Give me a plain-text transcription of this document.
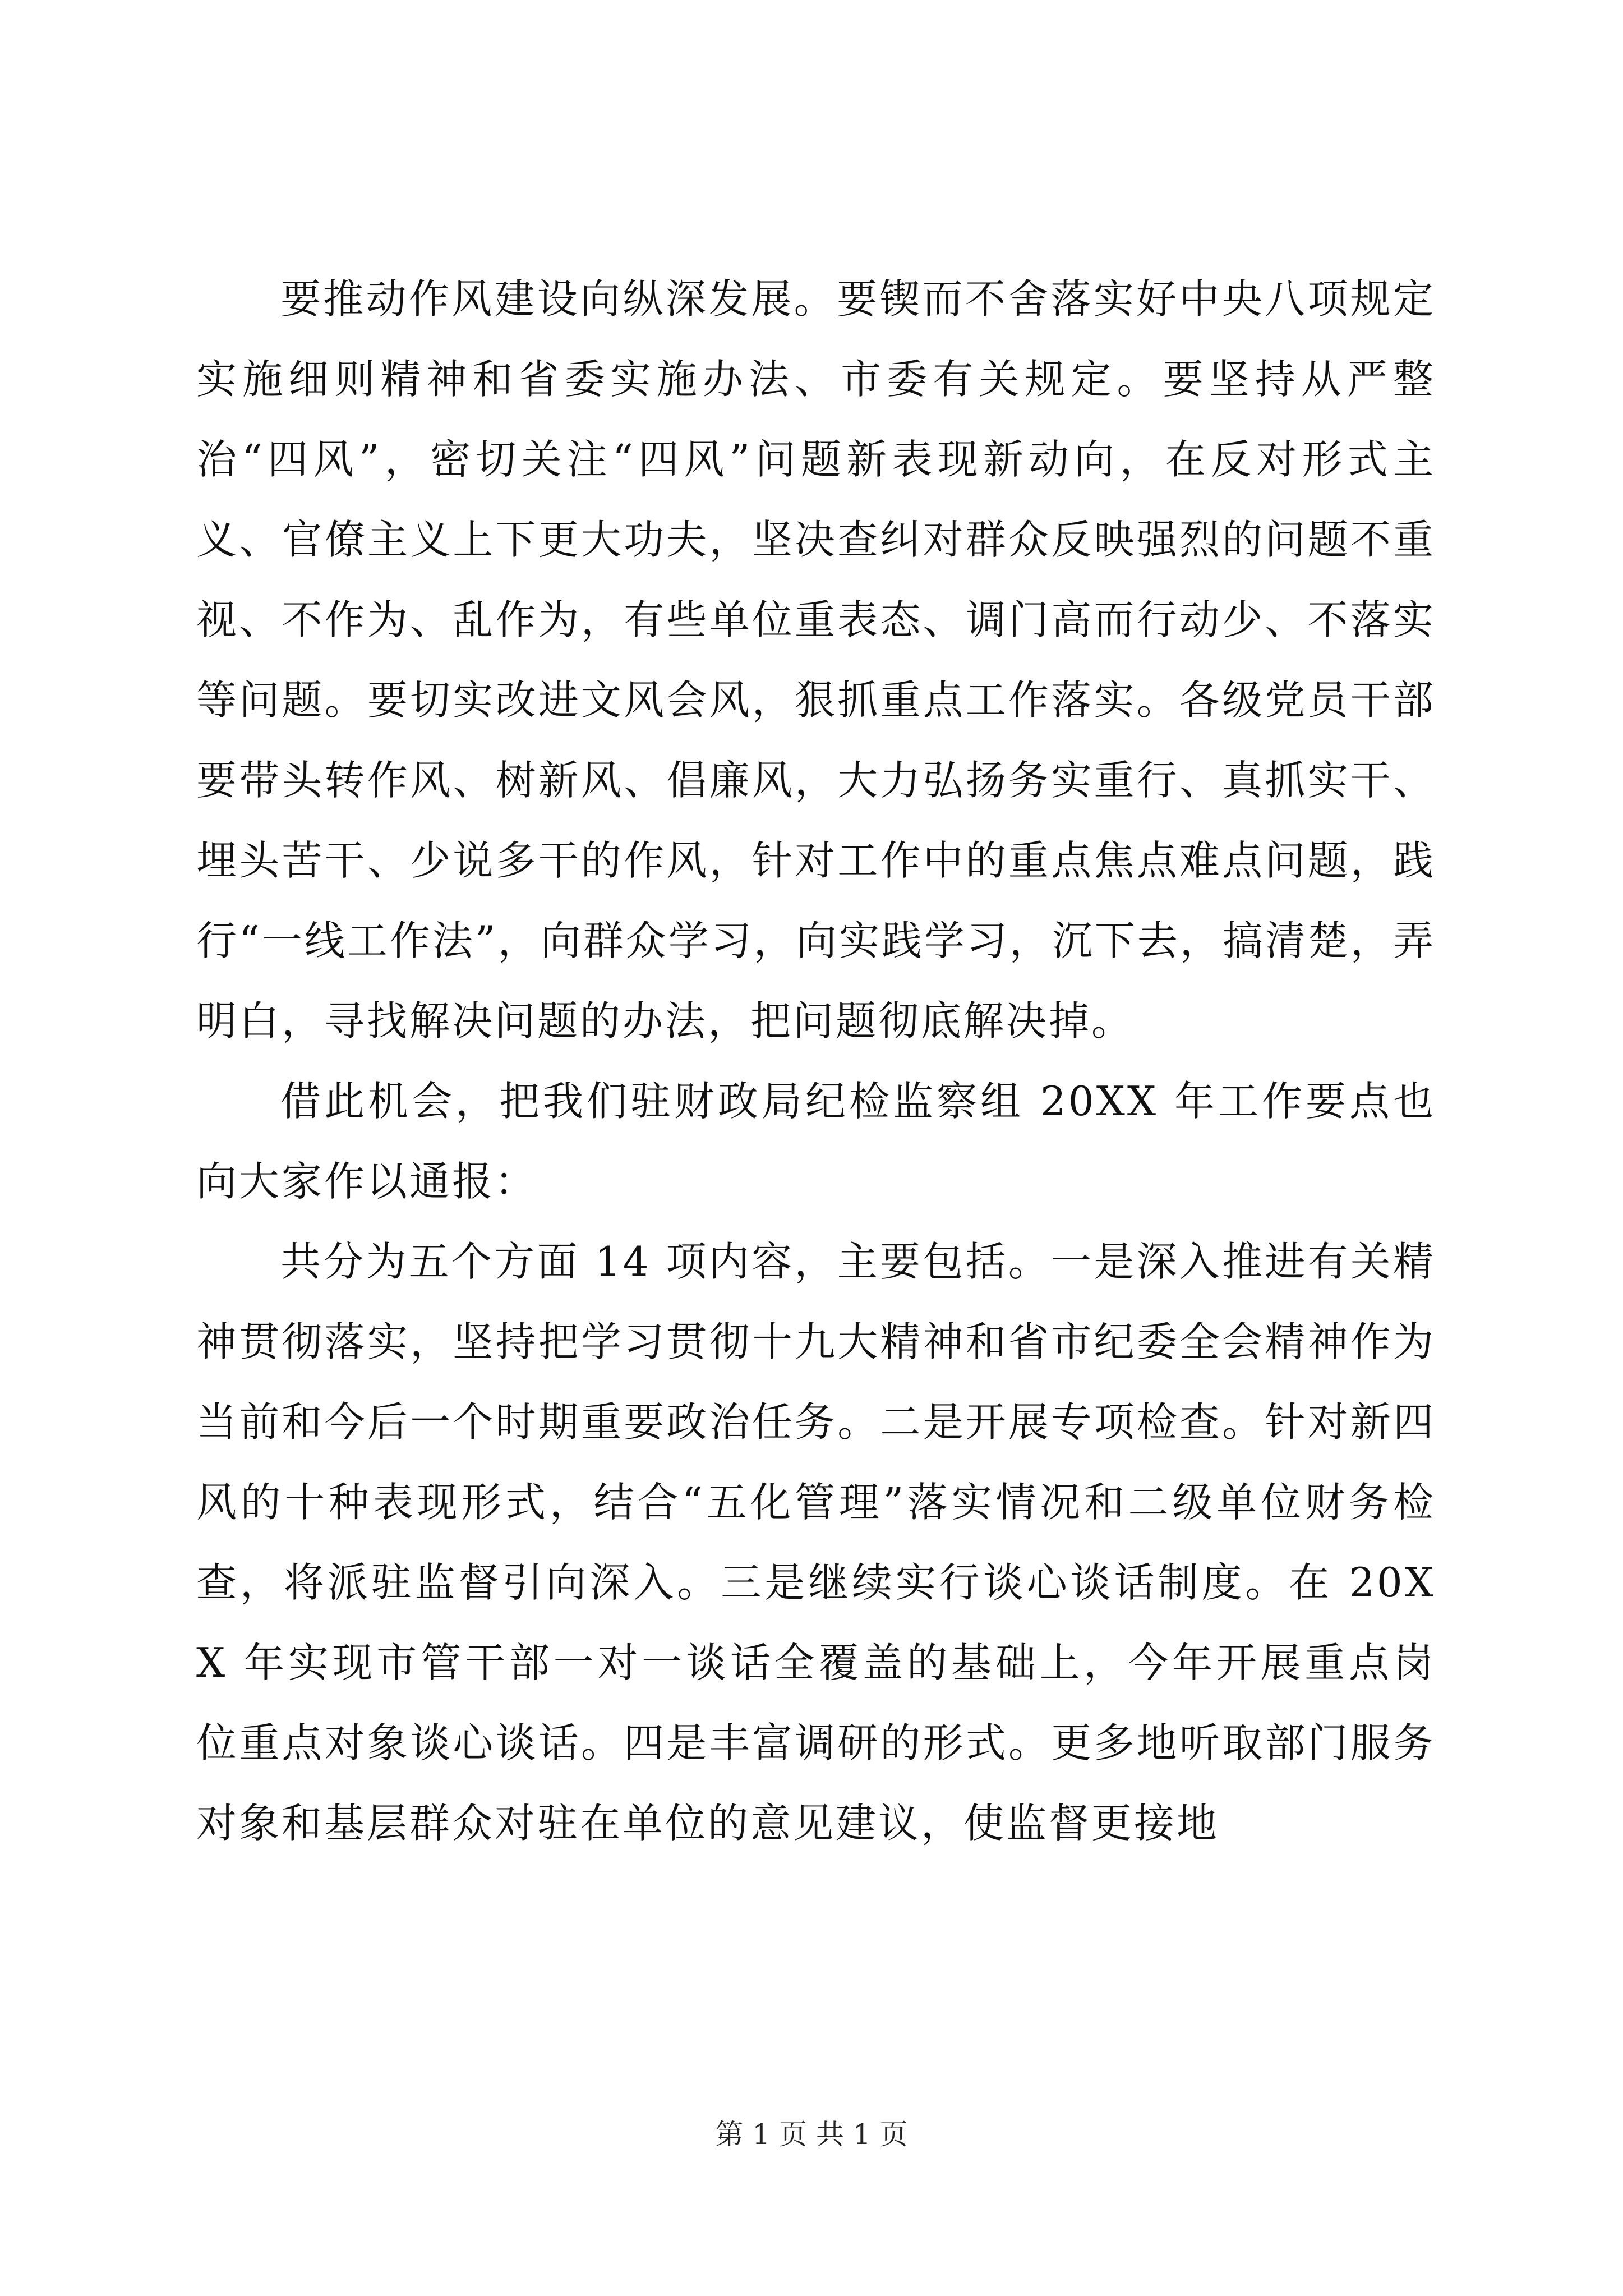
要推动作风建设向纵深发展。要锲而不舍落实好中央八项规定实施细则精神和省委实施办法、市委有关规定。要坚持从严整治“四风”，密切关注“四风”问题新表现新动向，在反对形式主义、官僚主义上下更大功夫，坚决查纠对群众反映强烈的问题不重视、不作为、乱作为，有些单位重表态、调门高而行动少、不落实等问题。要切实改进文风会风，狠抓重点工作落实。各级党员干部要带头转作风、树新风、倡廉风，大力弘扬务实重行、真抓实干、埋头苦干、少说多干的作风，针对工作中的重点焦点难点问题，践行“一线工作法”，向群众学习，向实践学习，沉下去，搞清楚，弄明白，寻找解决问题的办法，把问题彻底解决掉。

借此机会，把我们驻财政局纪检监察组 20XX 年工作要点也向大家作以通报：

共分为五个方面 14 项内容，主要包括。一是深入推进有关精神贯彻落实，坚持把学习贯彻十九大精神和省市纪委全会精神作为当前和今后一个时期重要政治任务。二是开展专项检查。针对新四风的十种表现形式，结合“五化管理”落实情况和二级单位财务检查，将派驻监督引向深入。三是继续实行谈心谈话制度。在 20XX 年实现市管干部一对一谈话全覆盖的基础上，今年开展重点岗位重点对象谈心谈话。四是丰富调研的形式。更多地听取部门服务对象和基层群众对驻在单位的意见建议，使监督更接地

第 1 页 共 1 页
